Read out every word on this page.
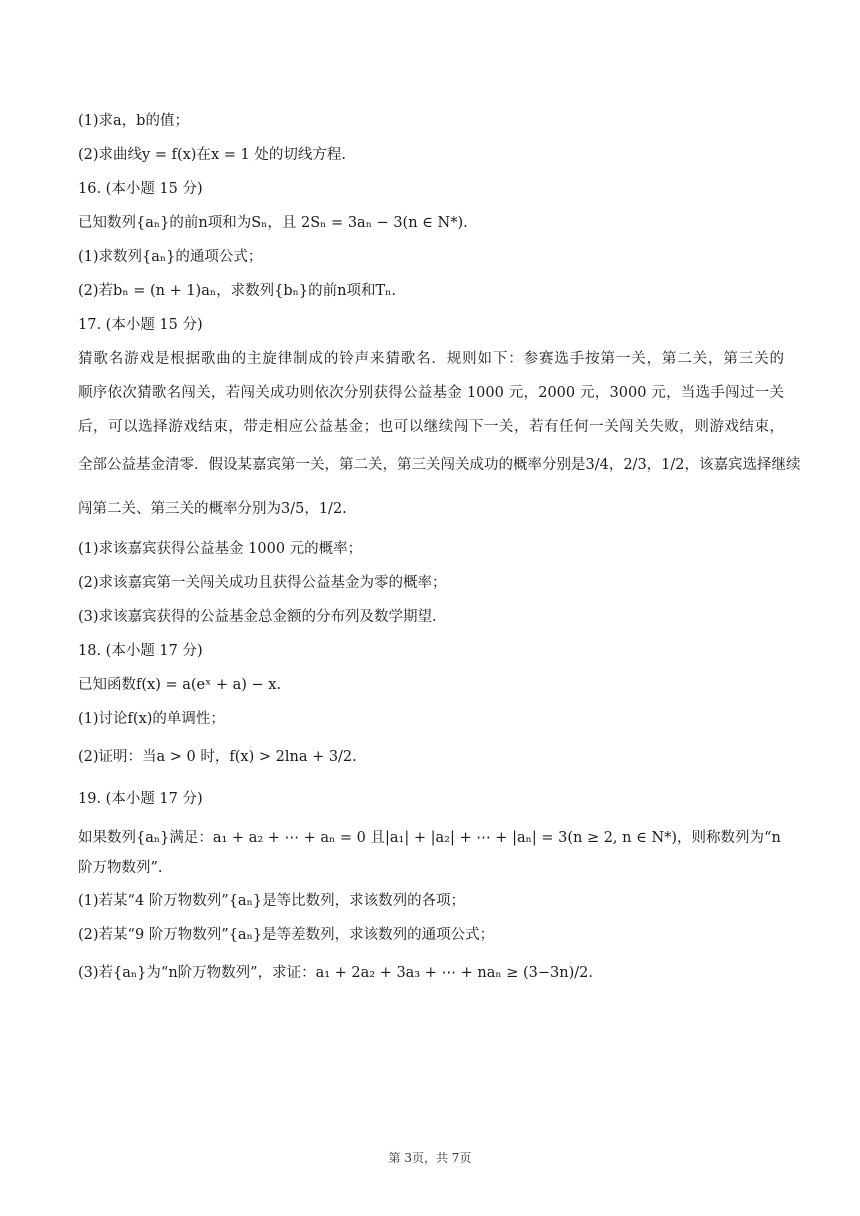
(1)求a，b的值；
(2)求曲线y = f(x)在x = 1 处的切线方程.
16. (本小题 15 分)
已知数列{aₙ}的前n项和为Sₙ，且 2Sₙ = 3aₙ − 3(n ∈ N*).
(1)求数列{aₙ}的通项公式；
(2)若bₙ = (n + 1)aₙ，求数列{bₙ}的前n项和Tₙ.
17. (本小题 15 分)
猜歌名游戏是根据歌曲的主旋律制成的铃声来猜歌名．规则如下：参赛选手按第一关，第二关，第三关的
顺序依次猜歌名闯关，若闯关成功则依次分别获得公益基金 1000 元，2000 元，3000 元，当选手闯过一关
后，可以选择游戏结束，带走相应公益基金；也可以继续闯下一关，若有任何一关闯关失败，则游戏结束，
全部公益基金清零．假设某嘉宾第一关，第二关，第三关闯关成功的概率分别是3/4，2/3，1/2，该嘉宾选择继续
闯第二关、第三关的概率分别为3/5，1/2.
(1)求该嘉宾获得公益基金 1000 元的概率；
(2)求该嘉宾第一关闯关成功且获得公益基金为零的概率；
(3)求该嘉宾获得的公益基金总金额的分布列及数学期望.
18. (本小题 17 分)
已知函数f(x) = a(eˣ + a) − x.
(1)讨论f(x)的单调性；
(2)证明：当a > 0 时，f(x) > 2lna + 3/2.
19. (本小题 17 分)
如果数列{aₙ}满足：a₁ + a₂ + ⋯ + aₙ = 0 且|a₁| + |a₂| + ⋯ + |aₙ| = 3(n ≥ 2, n ∈ N*)，则称数列为“n阶万物数列”.
(1)若某“4 阶万物数列”{aₙ}是等比数列，求该数列的各项；
(2)若某“9 阶万物数列”{aₙ}是等差数列，求该数列的通项公式；
(3)若{aₙ}为“n阶万物数列”，求证：a₁ + 2a₂ + 3a₃ + ⋯ + naₙ ≥ (3−3n)/2.
第 3页，共 7页
